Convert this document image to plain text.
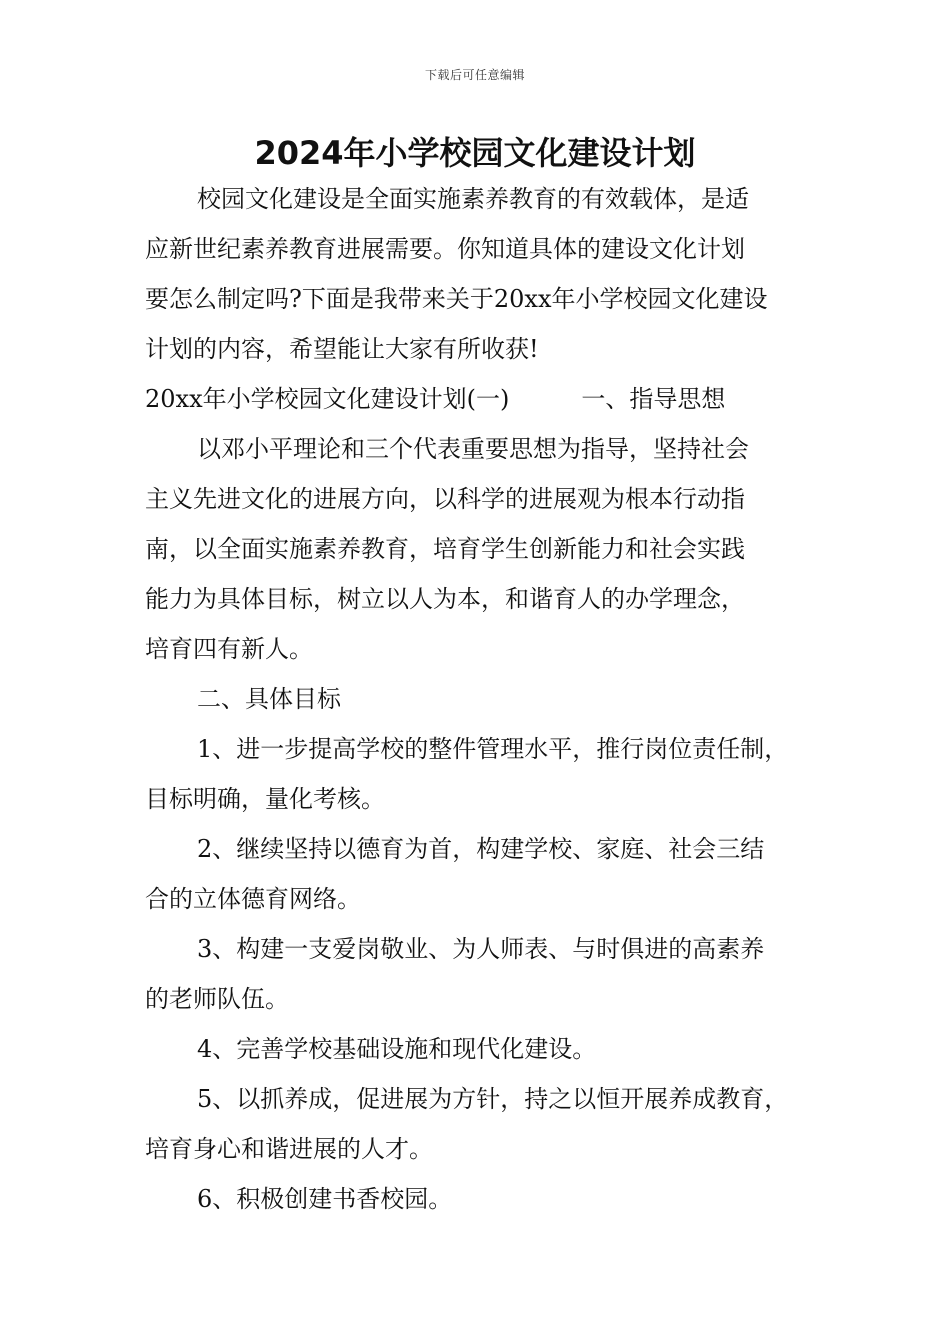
下载后可任意编辑
2024年小学校园文化建设计划
校园文化建设是全面实施素养教育的有效载体，是适
应新世纪素养教育进展需要。你知道具体的建设文化计划
要怎么制定吗?下面是我带来关于20xx年小学校园文化建设
计划的内容，希望能让大家有所收获!
20xx年小学校园文化建设计划(一)　　　一、指导思想
以邓小平理论和三个代表重要思想为指导，坚持社会
主义先进文化的进展方向，以科学的进展观为根本行动指
南，以全面实施素养教育，培育学生创新能力和社会实践
能力为具体目标，树立以人为本，和谐育人的办学理念，
培育四有新人。
二、具体目标
1、进一步提高学校的整件管理水平，推行岗位责任制，
目标明确，量化考核。
2、继续坚持以德育为首，构建学校、家庭、社会三结
合的立体德育网络。
3、构建一支爱岗敬业、为人师表、与时俱进的高素养
的老师队伍。
4、完善学校基础设施和现代化建设。
5、以抓养成，促进展为方针，持之以恒开展养成教育，
培育身心和谐进展的人才。
6、积极创建书香校园。
